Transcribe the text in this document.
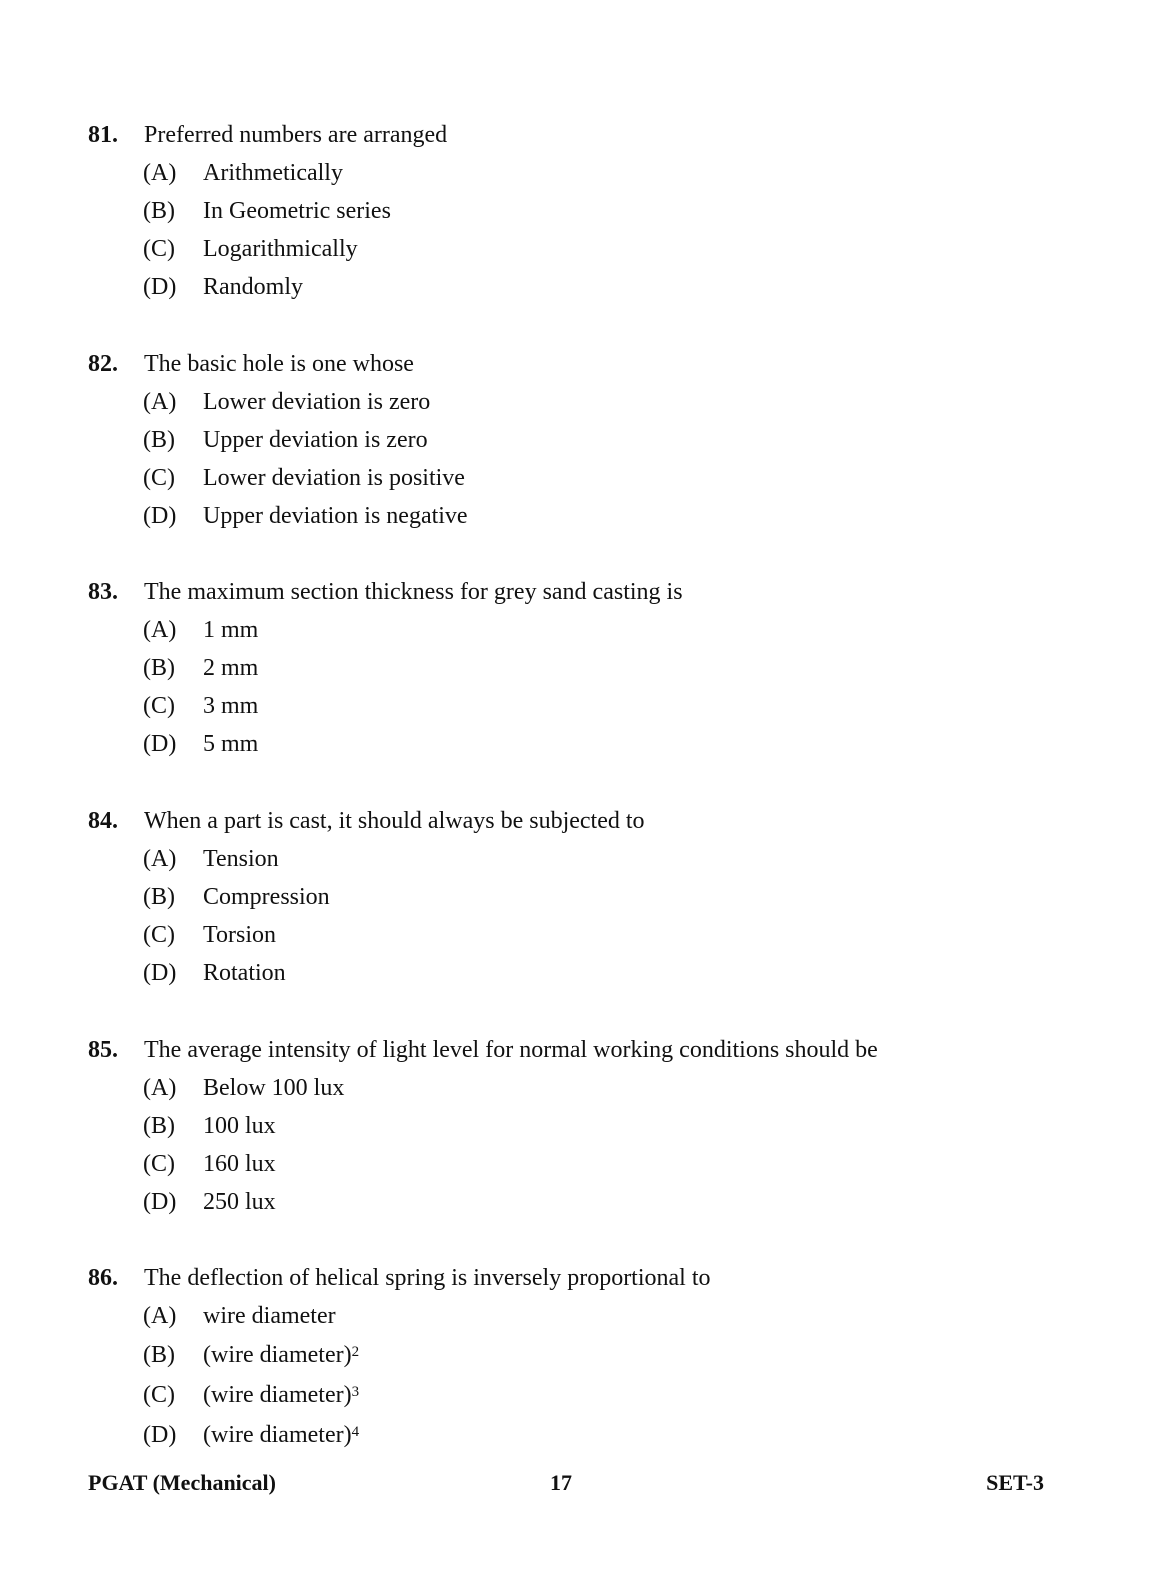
81.	Preferred numbers are arranged
(A)	Arithmetically
(B)	In Geometric series
(C)	Logarithmically
(D)	Randomly
82.	The basic hole is one whose
(A)	Lower deviation is zero
(B)	Upper deviation is zero
(C)	Lower deviation is positive
(D)	Upper deviation is negative
83.	The maximum section thickness for grey sand casting is
(A)	1 mm
(B)	2 mm
(C)	3 mm
(D)	5 mm
84.	When a part is cast, it should always be subjected to
(A)	Tension
(B)	Compression
(C)	Torsion
(D)	Rotation
85.	The average intensity of light level for normal working conditions should be
(A)	Below 100 lux
(B)	100 lux
(C)	160 lux
(D)	250 lux
86.	The deflection of helical spring is inversely proportional to
(A)	wire diameter
(B)	(wire diameter)$^2$
(C)	(wire diameter)$^3$
(D)	(wire diameter)$^4$
PGAT (Mechanical)	17	SET-3
